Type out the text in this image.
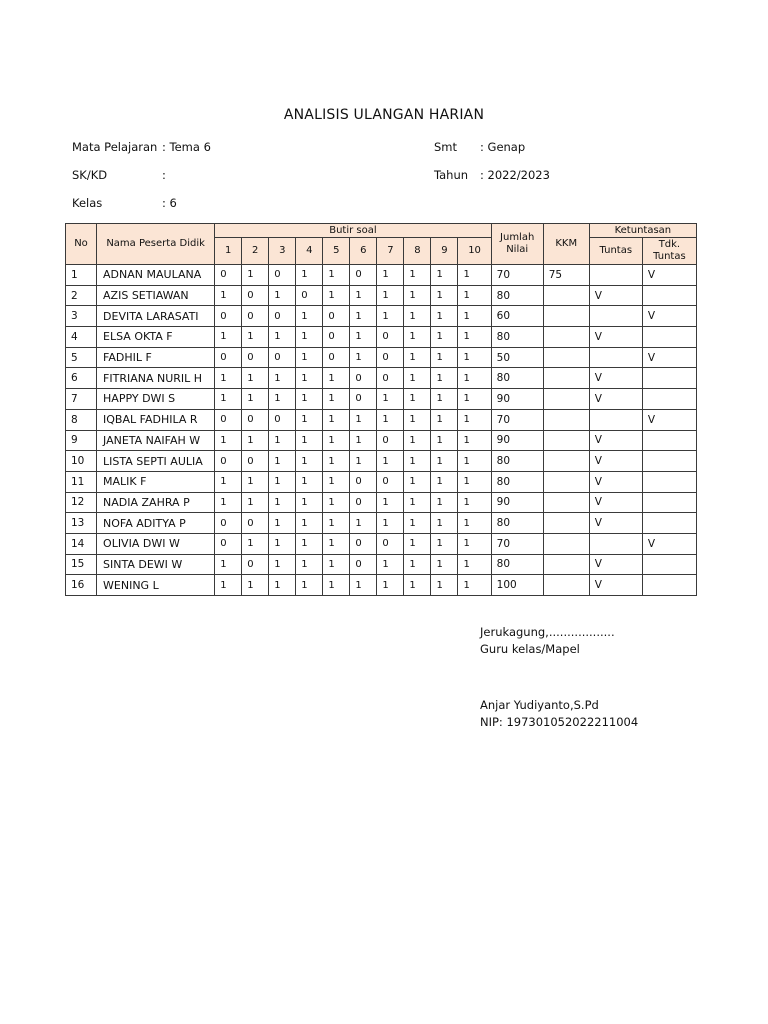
ANALISIS ULANGAN HARIAN
Mata Pelajaran : Tema 6
SK/KD	:
Kelas	: 6
Smt : Genap
Tahun : 2022/2023
No	Nama Peserta Didik	Butir soal										Jumlah Nilai	KKM	Ketuntasan	
		1	2	3	4	5	6	7	8	9	10			Tuntas	Tdk. Tuntas
1	ADNAN MAULANA	0	1	0	1	1	0	1	1	1	1	70	75		V
2	AZIS SETIAWAN	1	0	1	0	1	1	1	1	1	1	80		V	
3	DEVITA LARASATI	0	0	0	1	0	1	1	1	1	1	60			V
4	ELSA OKTA F	1	1	1	1	0	1	0	1	1	1	80		V	
5	FADHIL F	0	0	0	1	0	1	0	1	1	1	50			V
6	FITRIANA NURIL H	1	1	1	1	1	0	0	1	1	1	80		V	
7	HAPPY DWI S	1	1	1	1	1	0	1	1	1	1	90		V	
8	IQBAL FADHILA R	0	0	0	1	1	1	1	1	1	1	70			V
9	JANETA NAIFAH W	1	1	1	1	1	1	0	1	1	1	90		V	
10	LISTA SEPTI AULIA	0	0	1	1	1	1	1	1	1	1	80		V	
11	MALIK F	1	1	1	1	1	0	0	1	1	1	80		V	
12	NADIA ZAHRA P	1	1	1	1	1	0	1	1	1	1	90		V	
13	NOFA ADITYA P	0	0	1	1	1	1	1	1	1	1	80		V	
14	OLIVIA DWI W	0	1	1	1	1	0	0	1	1	1	70			V
15	SINTA DEWI W	1	0	1	1	1	0	1	1	1	1	80		V	
16	WENING L	1	1	1	1	1	1	1	1	1	1	100		V	
Jerukagung,..................
Guru kelas/Mapel
Anjar Yudiyanto,S.Pd
NIP: 197301052022211004
